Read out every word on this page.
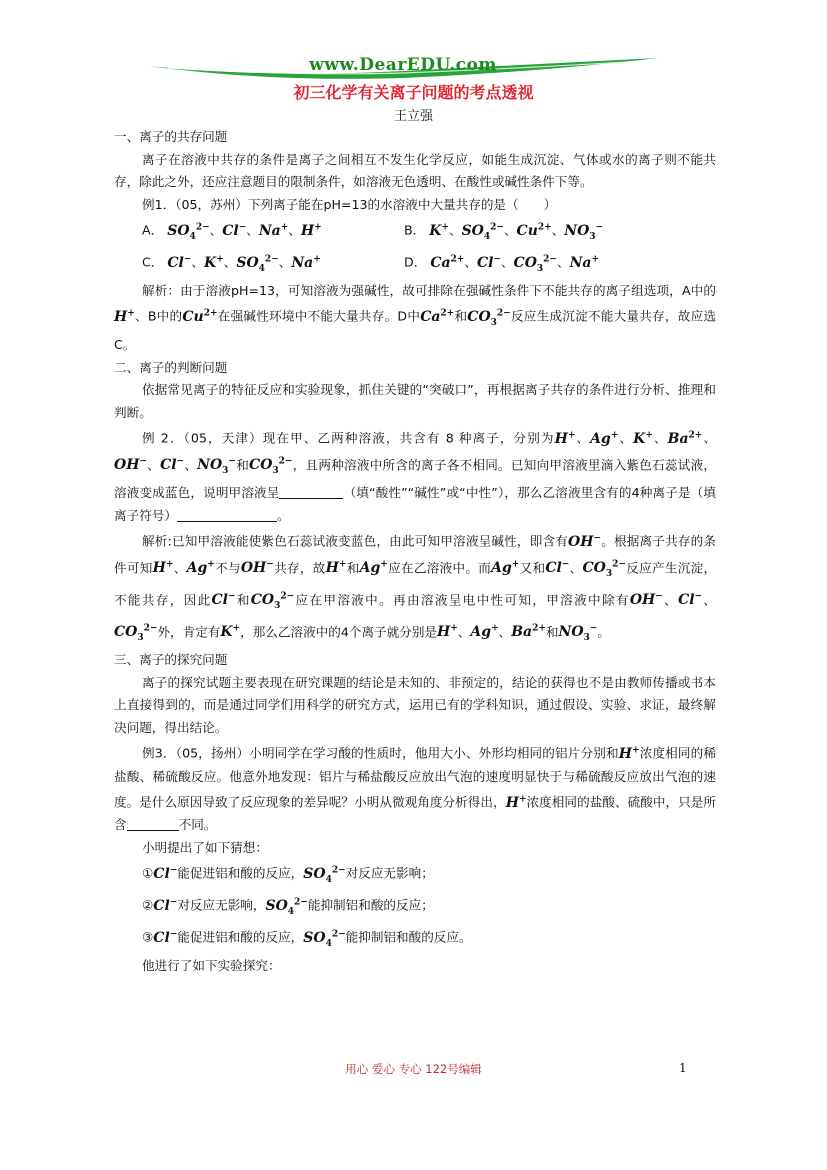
www.DearEDU.com
初三化学有关离子问题的考点透视
王立强

一、离子的共存问题

离子在溶液中共存的条件是离子之间相互不发生化学反应，如能生成沉淀、气体或水的离子则不能共存，除此之外，还应注意题目的限制条件，如溶液无色透明、在酸性或碱性条件下等。

例1．（05，苏州）下列离子能在pH=13的水溶液中大量共存的是（　　）

A． $SO_4^{2-}$、Cl−、Na+、H+	B． K+、$SO_4^{2-}$、$Cu^{2+}$、$NO_3^-$
C． Cl−、K+、$SO_4^{2-}$、Na+	D． $Ca^{2+}$、Cl−、$CO_3^{2-}$、Na+

解析：由于溶液pH=13，可知溶液为强碱性，故可排除在强碱性条件下不能共存的离子组选项，A中的H+、B中的$Cu^{2+}$在强碱性环境中不能大量共存。D中$Ca^{2+}$和$CO_3^{2-}$反应生成沉淀不能大量共存，故应选C。

二、离子的判断问题

依据常见离子的特征反应和实验现象，抓住关键的“突破口”，再根据离子共存的条件进行分析、推理和判断。

例 2．（05，天津）现在甲、乙两种溶液，共含有 8 种离子，分别为H+、Ag+、K+、$Ba^{2+}$、OH−、Cl−、$NO_3^-$和$CO_3^{2-}$，且两种溶液中所含的离子各不相同。已知向甲溶液里滴入紫色石蕊试液，溶液变成蓝色，说明甲溶液呈	（填“酸性”“碱性”或“中性”），那么乙溶液里含有的4种离子是（填离子符号）	。

解析:已知甲溶液能使紫色石蕊试液变蓝色，由此可知甲溶液呈碱性，即含有OH−。根据离子共存的条件可知H+、Ag+不与OH−共存，故H+和Ag+应在乙溶液中。而Ag+又和Cl−、$CO_3^{2-}$反应产生沉淀，不能共存，因此Cl−和$CO_3^{2-}$应在甲溶液中。再由溶液呈电中性可知，甲溶液中除有OH−、Cl−、$CO_3^{2-}$外，肯定有K+，那么乙溶液中的4个离子就分别是H+、Ag+、$Ba^{2+}$和$NO_3^-$。

三、离子的探究问题

离子的探究试题主要表现在研究课题的结论是未知的、非预定的，结论的获得也不是由教师传播或书本上直接得到的，而是通过同学们用科学的研究方式，运用已有的学科知识，通过假设、实验、求证，最终解决问题，得出结论。

例3．（05，扬州）小明同学在学习酸的性质时，他用大小、外形均相同的铝片分别和H+浓度相同的稀盐酸、稀硫酸反应。他意外地发现：铝片与稀盐酸反应放出气泡的速度明显快于与稀硫酸反应放出气泡的速度。是什么原因导致了反应现象的差异呢？小明从微观角度分析得出，H+浓度相同的盐酸、硫酸中，只是所含	不同。

小明提出了如下猜想：

①Cl−能促进铝和酸的反应，$SO_4^{2-}$对反应无影响；

②Cl−对反应无影响，$SO_4^{2-}$能抑制铝和酸的反应；

③Cl−能促进铝和酸的反应，$SO_4^{2-}$能抑制铝和酸的反应。

他进行了如下实验探究：

用心 爱心 专心 122号编辑	1
